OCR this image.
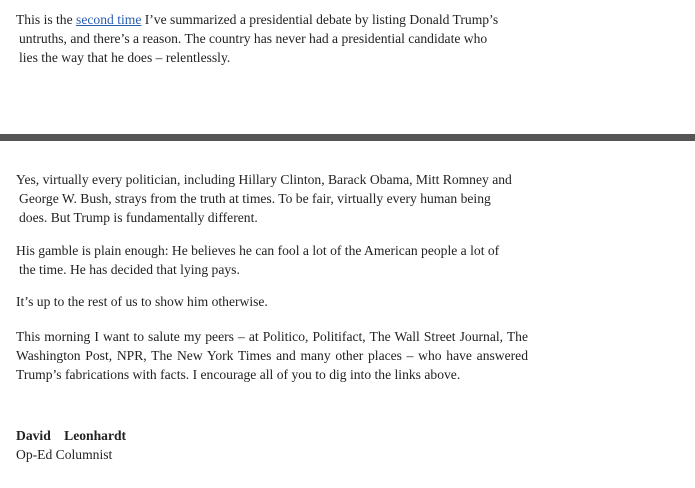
This is the second time I’ve summarized a presidential debate by listing Donald Trump’s

untruths, and there’s a reason. The country has never had a presidential candidate who

lies the way that he does – relentlessly.

Yes, virtually every politician, including Hillary Clinton, Barack Obama, Mitt Romney and

George W. Bush, strays from the truth at times. To be fair, virtually every human being

does. But Trump is fundamentally different.

His gamble is plain enough: He believes he can fool a lot of the American people a lot of

the time. He has decided that lying pays.

It’s up to the rest of us to show him otherwise.

This morning I want to salute my peers – at Politico, Politifact, The Wall Street Journal, The Washington Post, NPR, The New York Times and many other places – who have answered Trump’s fabrications with facts. I encourage all of you to dig into the links above.

David Leonhardt

Op-Ed Columnist
